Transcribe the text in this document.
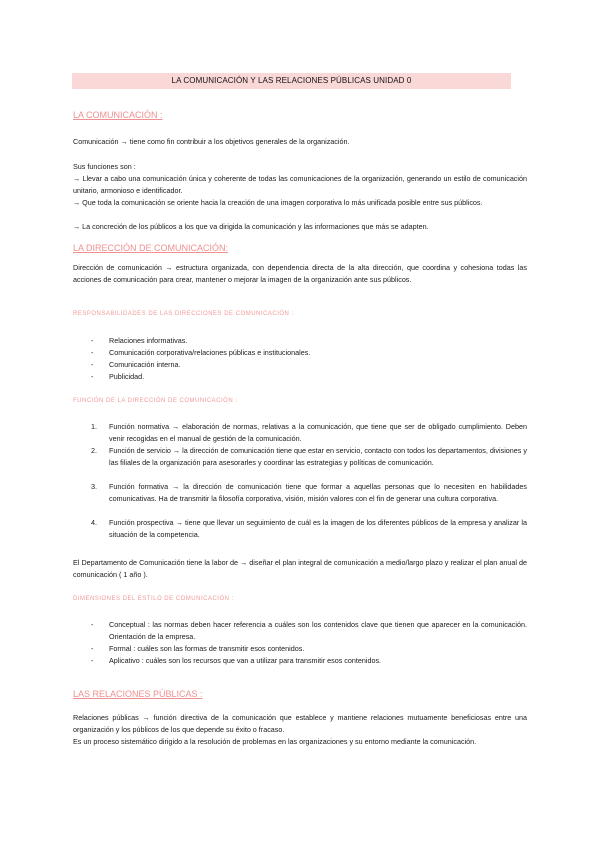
LA COMUNICACIÓN Y LAS RELACIONES PÚBLICAS UNIDAD 0
LA COMUNICACIÓN :
Comunicación → tiene como fin contribuir a los objetivos generales de la organización.
Sus funciones son :
→ Llevar a cabo una comunicación única y coherente de todas las comunicaciones de la organización, generando un estilo de comunicación unitario, armonioso e identificador.
→ Que toda la comunicación se oriente hacia la creación de una imagen corporativa lo más unificada posible entre sus públicos.
→ La concreción de los públicos a los que va dirigida la comunicación y las informaciones que más se adapten.
LA DIRECCIÓN DE COMUNICACIÓN:
Dirección de comunicación → estructura organizada, con dependencia directa de la alta dirección, que coordina y cohesiona todas las acciones de comunicación para crear, mantener o mejorar la imagen de la organización ante sus públicos.
RESPONSABILIDADES DE LAS DIRECCIONES DE COMUNICACIÓN :
- Relaciones informativas.
- Comunicación corporativa/relaciones públicas e institucionales.
- Comunicación interna.
- Publicidad.
FUNCIÓN DE LA DIRECCIÓN DE COMUNICACIÓN :
1. Función normativa → elaboración de normas, relativas a la comunicación, que tiene que ser de obligado cumplimiento. Deben venir recogidas en el manual de gestión de la comunicación.
2. Función de servicio → la dirección de comunicación tiene que estar en servicio, contacto con todos los departamentos, divisiones y las filiales de la organización para asesorarles y coordinar las estrategias y políticas de comunicación.
3. Función formativa → la dirección de comunicación tiene que formar a aquellas personas que lo necesiten en habilidades comunicativas. Ha de transmitir la filosofía corporativa, visión, misión valores con el fin de generar una cultura corporativa.
4. Función prospectiva → tiene que llevar un seguimiento de cuál es la imagen de los diferentes públicos de la empresa y analizar la situación de la competencia.
El Departamento de Comunicación tiene la labor de → diseñar el plan integral de comunicación a medio/largo plazo y realizar el plan anual de comunicación ( 1 año ).
DIMENSIONES DEL ESTILO DE COMUNICACIÓN :
- Conceptual : las normas deben hacer referencia a cuáles son los contenidos clave que tienen que aparecer en la comunicación. Orientación de la empresa.
- Formal : cuáles son las formas de transmitir esos contenidos.
- Aplicativo : cuáles son los recursos que van a utilizar para transmitir esos contenidos.
LAS RELACIONES PÚBLICAS :
Relaciones públicas → función directiva de la comunicación que establece y mantiene relaciones mutuamente beneficiosas entre una organización y los públicos de los que depende su éxito o fracaso.
Es un proceso sistemático dirigido a la resolución de problemas en las organizaciones y su entorno mediante la comunicación.
